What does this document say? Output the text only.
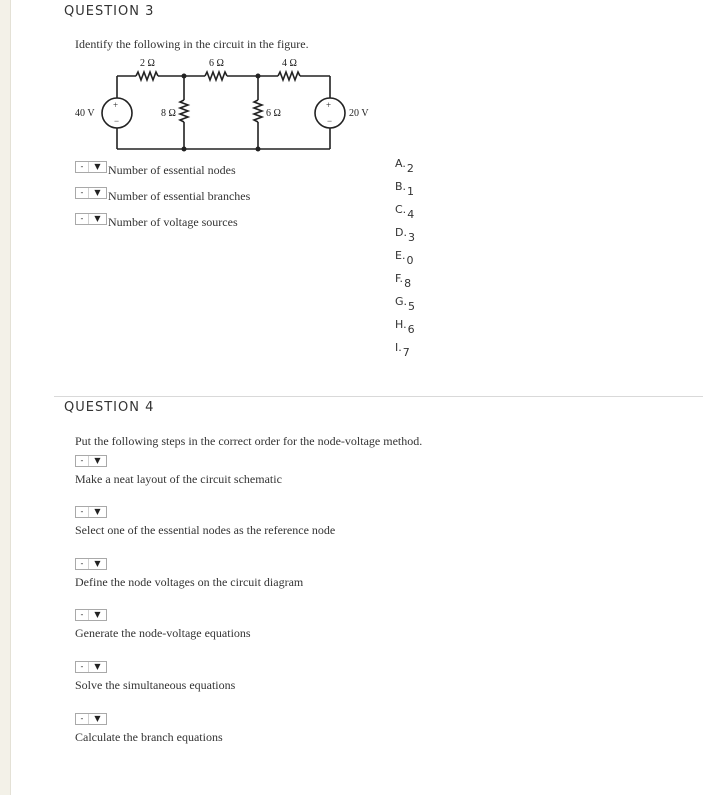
QUESTION 3
Identify the following in the circuit in the figure.
2 Ω	6 Ω	4 Ω
8 Ω	6 Ω
40 V	20 V
+
−
+
−
-	▼ Number of essential nodes
-	▼ Number of essential branches
-	▼ Number of voltage sources
A.2
B.1
C.4
D.3
E.0
F.8
G.5
H.6
I.7
QUESTION 4
Put the following steps in the correct order for the node-voltage method.
-	▼
Make a neat layout of the circuit schematic
-	▼
Select one of the essential nodes as the reference node
-	▼
Define the node voltages on the circuit diagram
-	▼
Generate the node-voltage equations
-	▼
Solve the simultaneous equations
-	▼
Calculate the branch equations
